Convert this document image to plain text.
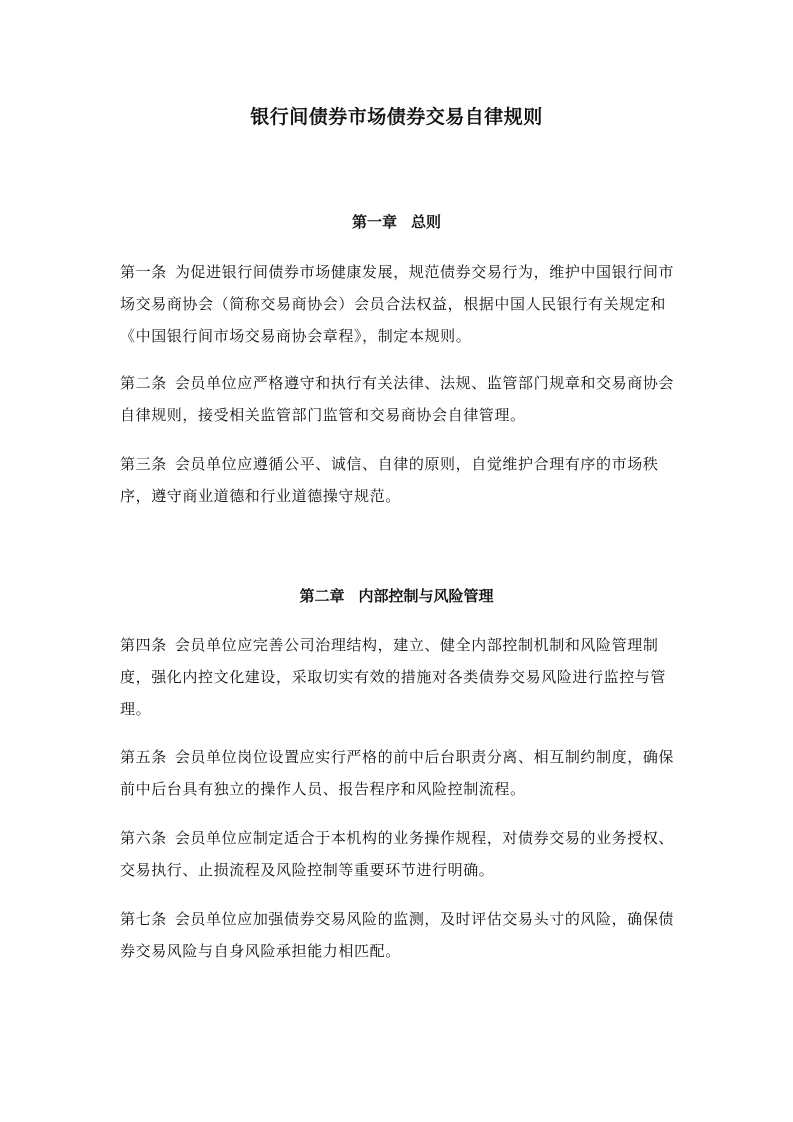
银行间债券市场债券交易自律规则
第一章 总则

第一条 为促进银行间债券市场健康发展，规范债券交易行为，维护中国银行间市场交易商协会（简称交易商协会）会员合法权益，根据中国人民银行有关规定和《中国银行间市场交易商协会章程》，制定本规则。

第二条 会员单位应严格遵守和执行有关法律、法规、监管部门规章和交易商协会自律规则，接受相关监管部门监管和交易商协会自律管理。

第三条 会员单位应遵循公平、诚信、自律的原则，自觉维护合理有序的市场秩序，遵守商业道德和行业道德操守规范。

第二章 内部控制与风险管理

第四条 会员单位应完善公司治理结构，建立、健全内部控制机制和风险管理制度，强化内控文化建设，采取切实有效的措施对各类债券交易风险进行监控与管理。

第五条 会员单位岗位设置应实行严格的前中后台职责分离、相互制约制度，确保前中后台具有独立的操作人员、报告程序和风险控制流程。

第六条 会员单位应制定适合于本机构的业务操作规程，对债券交易的业务授权、交易执行、止损流程及风险控制等重要环节进行明确。

第七条 会员单位应加强债券交易风险的监测，及时评估交易头寸的风险，确保债券交易风险与自身风险承担能力相匹配。
